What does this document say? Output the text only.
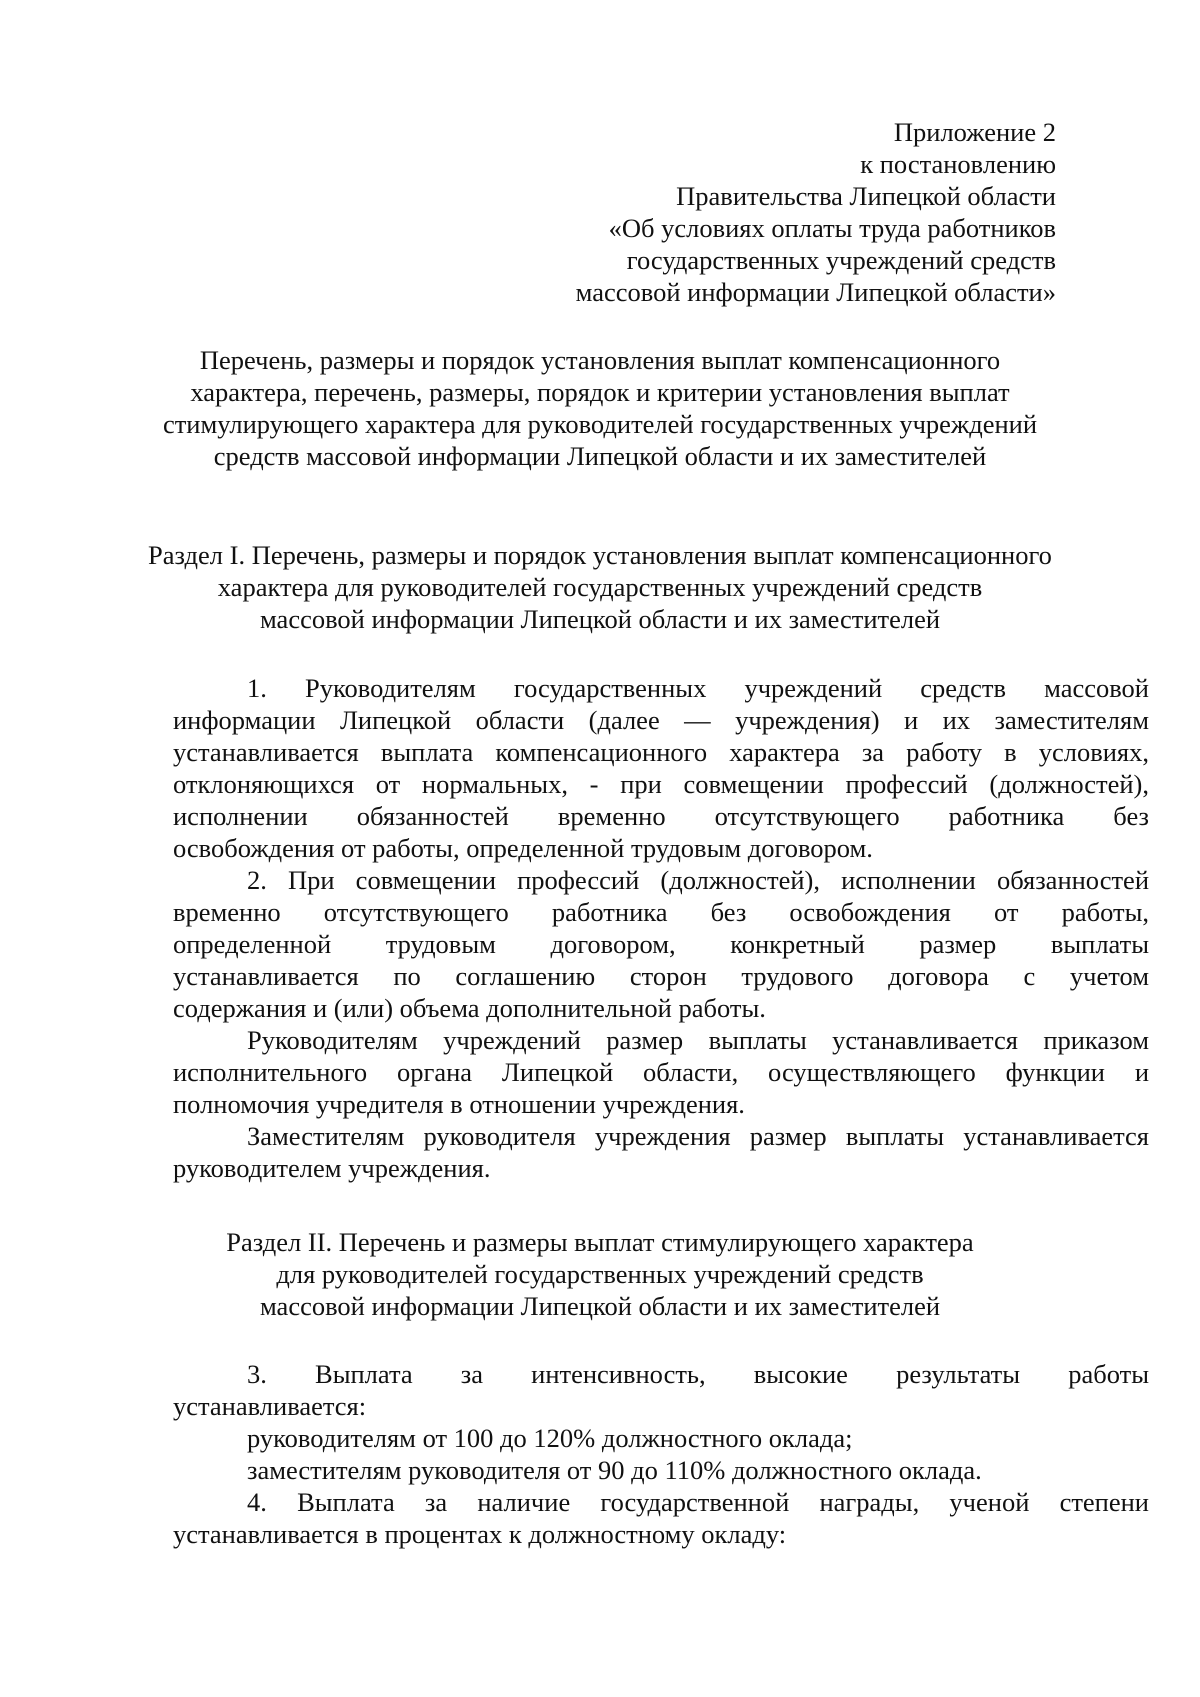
Приложение 2
к постановлению
Правительства Липецкой области
«Об условиях оплаты труда работников
государственных учреждений средств
массовой информации Липецкой области»
Перечень, размеры и порядок установления выплат компенсационного
характера, перечень, размеры, порядок и критерии установления выплат
стимулирующего характера для руководителей государственных учреждений
средств массовой информации Липецкой области и их заместителей
Раздел I. Перечень, размеры и порядок установления выплат компенсационного
характера для руководителей государственных учреждений средств
массовой информации Липецкой области и их заместителей
1. Руководителям государственных учреждений средств массовой
информации Липецкой области (далее — учреждения) и их заместителям
устанавливается выплата компенсационного характера за работу в условиях,
отклоняющихся от нормальных, - при совмещении профессий (должностей),
исполнении обязанностей временно отсутствующего работника без
освобождения от работы, определенной трудовым договором.
2. При совмещении профессий (должностей), исполнении обязанностей
временно отсутствующего работника без освобождения от работы,
определенной трудовым договором, конкретный размер выплаты
устанавливается по соглашению сторон трудового договора с учетом
содержания и (или) объема дополнительной работы.
Руководителям учреждений размер выплаты устанавливается приказом
исполнительного органа Липецкой области, осуществляющего функции и
полномочия учредителя в отношении учреждения.
Заместителям руководителя учреждения размер выплаты устанавливается
руководителем учреждения.
Раздел II. Перечень и размеры выплат стимулирующего характера
для руководителей государственных учреждений средств
массовой информации Липецкой области и их заместителей
3. Выплата за интенсивность, высокие результаты работы
устанавливается:
руководителям от 100 до 120% должностного оклада;
заместителям руководителя от 90 до 110% должностного оклада.
4. Выплата за наличие государственной награды, ученой степени
устанавливается в процентах к должностному окладу:
